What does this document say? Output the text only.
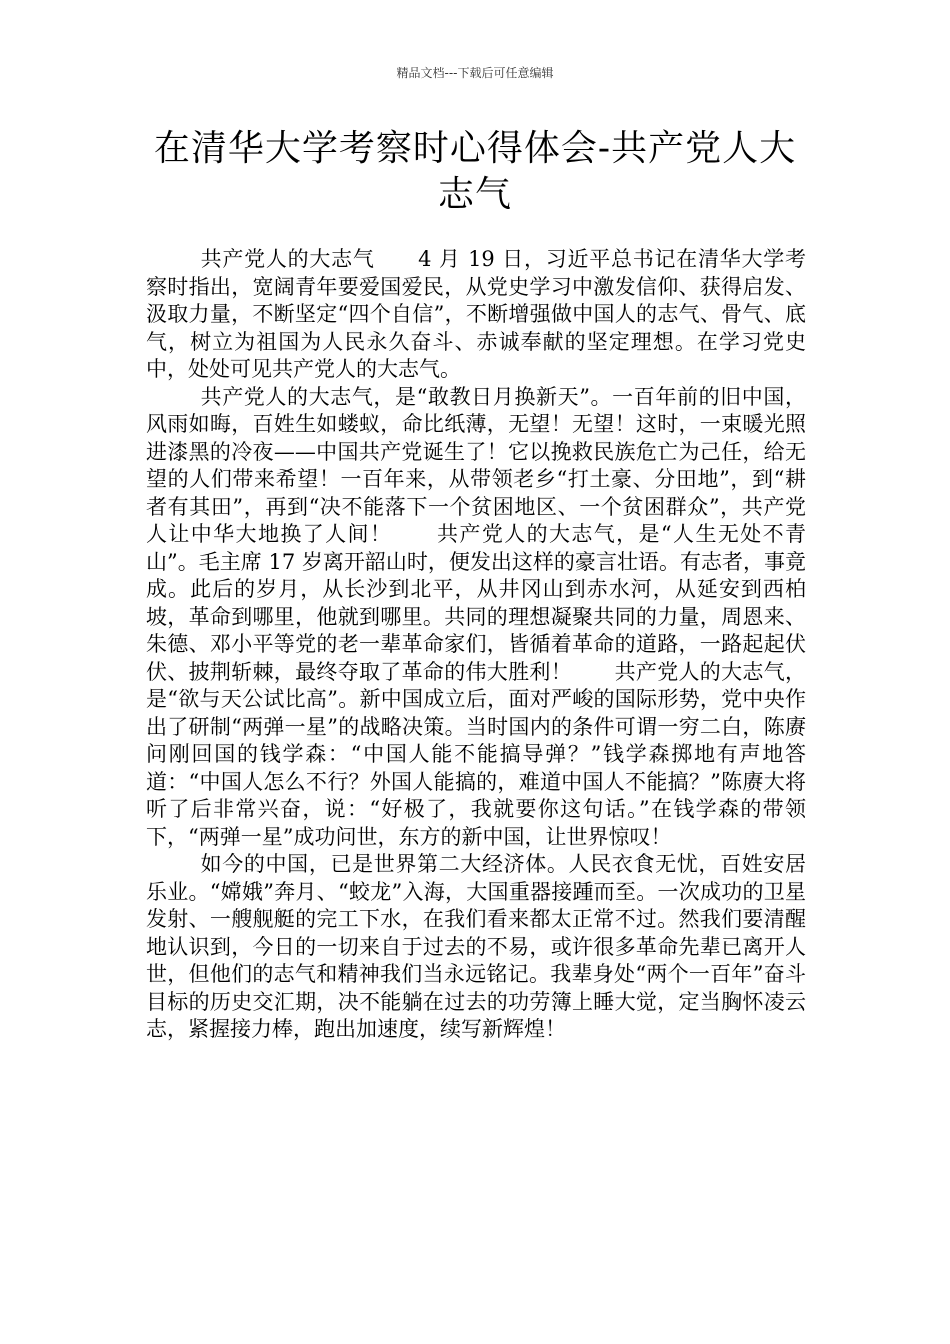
精品文档---下载后可任意编辑
在清华大学考察时心得体会-共产党人大志气

共产党人的大志气　　4 月 19 日，习近平总书记在清华大学考察时指出，宽阔青年要爱国爱民，从党史学习中激发信仰、获得启发、汲取力量，不断坚定“四个自信”，不断增强做中国人的志气、骨气、底气，树立为祖国为人民永久奋斗、赤诚奉献的坚定理想。在学习党史中，处处可见共产党人的大志气。

共产党人的大志气，是“敢教日月换新天”。一百年前的旧中国，风雨如晦，百姓生如蝼蚁，命比纸薄，无望！无望！这时，一束暖光照进漆黑的冷夜——中国共产党诞生了！它以挽救民族危亡为己任，给无望的人们带来希望！一百年来，从带领老乡“打土豪、分田地”，到“耕者有其田”，再到“决不能落下一个贫困地区、一个贫困群众”，共产党人让中华大地换了人间！　　共产党人的大志气，是“人生无处不青山”。毛主席 17 岁离开韶山时，便发出这样的豪言壮语。有志者，事竟成。此后的岁月，从长沙到北平，从井冈山到赤水河，从延安到西柏坡，革命到哪里，他就到哪里。共同的理想凝聚共同的力量，周恩来、朱德、邓小平等党的老一辈革命家们，皆循着革命的道路，一路起起伏伏、披荆斩棘，最终夺取了革命的伟大胜利！　　共产党人的大志气，是“欲与天公试比高”。新中国成立后，面对严峻的国际形势，党中央作出了研制“两弹一星”的战略决策。当时国内的条件可谓一穷二白，陈赓问刚回国的钱学森：“中国人能不能搞导弹？”钱学森掷地有声地答道：“中国人怎么不行？外国人能搞的，难道中国人不能搞？”陈赓大将听了后非常兴奋，说：“好极了，我就要你这句话。”在钱学森的带领下，“两弹一星”成功问世，东方的新中国，让世界惊叹！

如今的中国，已是世界第二大经济体。人民衣食无忧，百姓安居乐业。“嫦娥”奔月、“蛟龙”入海，大国重器接踵而至。一次成功的卫星发射、一艘舰艇的完工下水，在我们看来都太正常不过。然我们要清醒地认识到，今日的一切来自于过去的不易，或许很多革命先辈已离开人世，但他们的志气和精神我们当永远铭记。我辈身处“两个一百年”奋斗目标的历史交汇期，决不能躺在过去的功劳簿上睡大觉，定当胸怀凌云志，紧握接力棒，跑出加速度，续写新辉煌！
